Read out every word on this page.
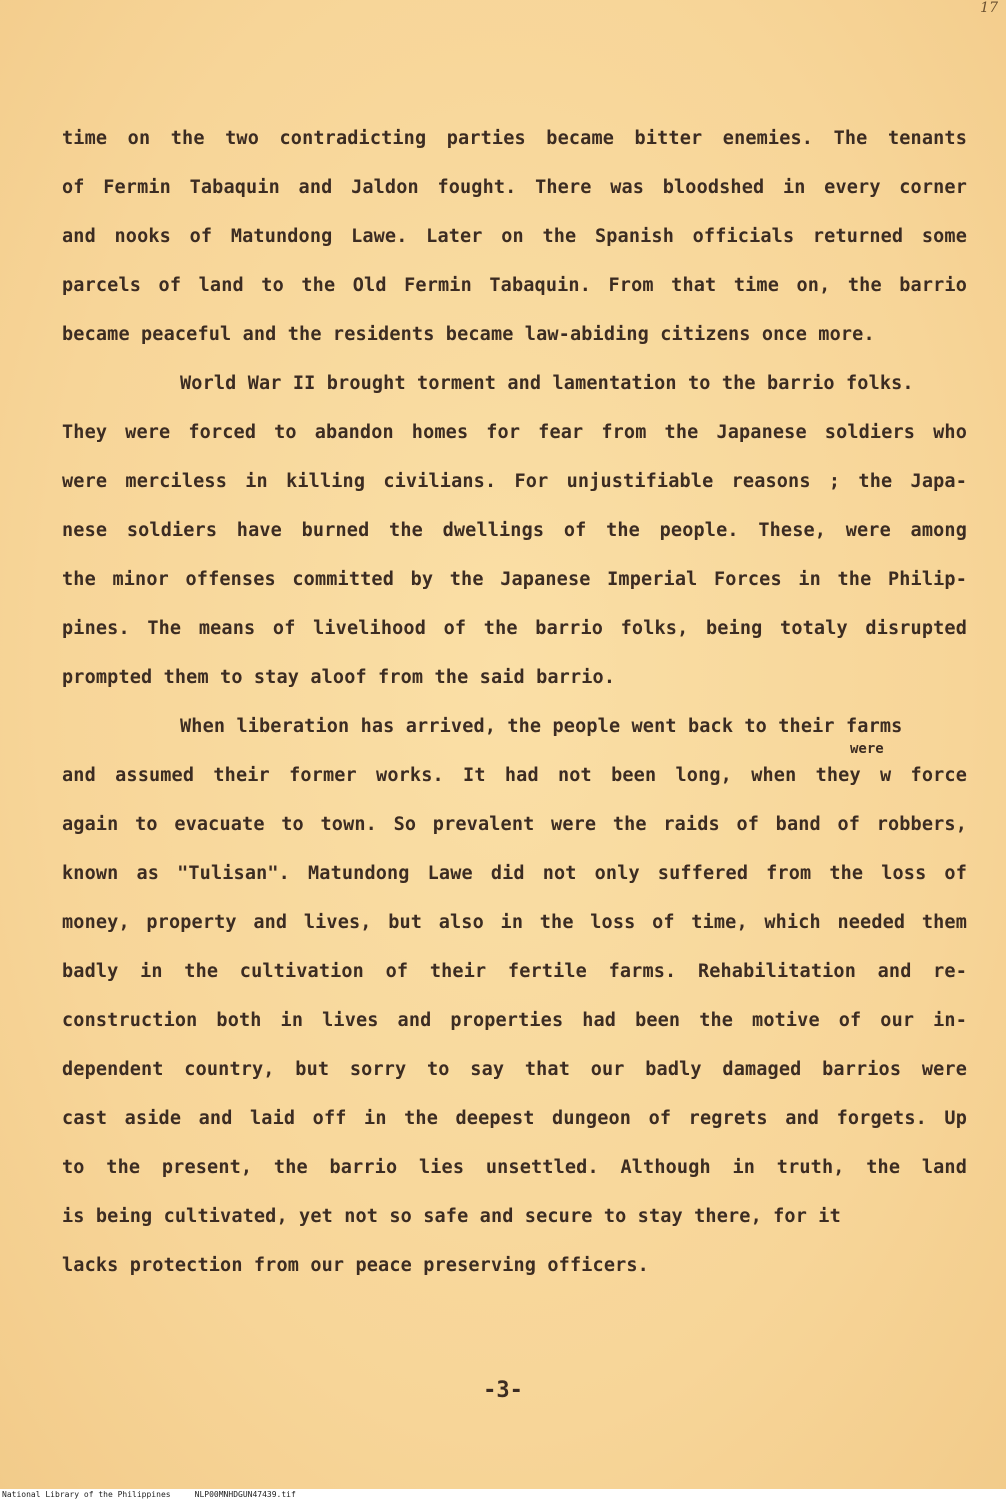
17
time on the two contradicting parties became bitter enemies. The tenants
of Fermin Tabaquin and Jaldon fought. There was bloodshed in every corner
and nooks of Matundong Lawe. Later on the Spanish officials returned some
parcels of land to the Old Fermin Tabaquin. From that time on, the barrio
became peaceful and the residents became law-abiding citizens once more.
World War II brought torment and lamentation to the barrio folks.
They were forced to abandon homes for fear from the Japanese soldiers who
were merciless in killing civilians. For unjustifiable reasons ; the Japa-
nese soldiers have burned the dwellings of the people. These, were among
the minor offenses committed by the Japanese Imperial Forces in the Philip-
pines. The means of livelihood of the barrio folks, being totaly disrupted
prompted them to stay aloof from the said barrio.
When liberation has arrived, the people went back to their farms
were
and assumed their former works. It had not been long, when they w force
again to evacuate to town. So prevalent were the raids of band of robbers,
known as "Tulisan". Matundong Lawe did not only suffered from the loss of
money, property and lives, but also in the loss of time, which needed them
badly in the cultivation of their fertile farms. Rehabilitation and re-
construction both in lives and properties had been the motive of our in-
dependent country, but sorry to say that our badly damaged barrios were
cast aside and laid off in the deepest dungeon of regrets and forgets. Up
to the present, the barrio lies unsettled. Although in truth, the land
is being cultivated, yet not so safe and secure to stay there, for it
lacks protection from our peace preserving officers.
-3-
National Library of the Philippines     NLP00MNHDGUN47439.tif
